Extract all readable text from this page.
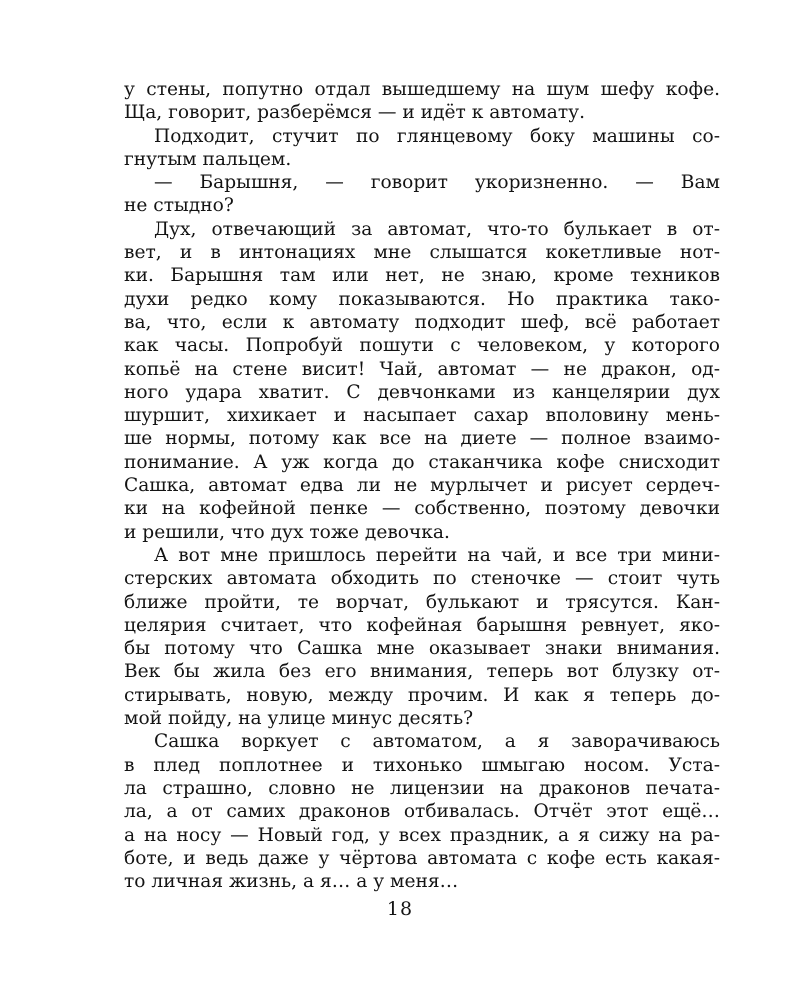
у стены, попутно отдал вышедшему на шум шефу кофе.
Ща, говорит, разберёмся — и идёт к автомату.
Подходит, стучит по глянцевому боку машины со-
гнутым пальцем.
— Барышня, — говорит укоризненно. — Вам
не стыдно?
Дух, отвечающий за автомат, что-то булькает в от-
вет, и в интонациях мне слышатся кокетливые нот-
ки. Барышня там или нет, не знаю, кроме техников
духи редко кому показываются. Но практика тако-
ва, что, если к автомату подходит шеф, всё работает
как часы. Попробуй пошути с человеком, у которого
копьё на стене висит! Чай, автомат — не дракон, од-
ного удара хватит. С девчонками из канцелярии дух
шуршит, хихикает и насыпает сахар вполовину мень-
ше нормы, потому как все на диете — полное взаимо-
понимание. А уж когда до стаканчика кофе снисходит
Сашка, автомат едва ли не мурлычет и рисует сердеч-
ки на кофейной пенке — собственно, поэтому девочки
и решили, что дух тоже девочка.
А вот мне пришлось перейти на чай, и все три мини-
стерских автомата обходить по стеночке — стоит чуть
ближе пройти, те ворчат, булькают и трясутся. Кан-
целярия считает, что кофейная барышня ревнует, яко-
бы потому что Сашка мне оказывает знаки внимания.
Век бы жила без его внимания, теперь вот блузку от-
стирывать, новую, между прочим. И как я теперь до-
мой пойду, на улице минус десять?
Сашка воркует с автоматом, а я заворачиваюсь
в плед поплотнее и тихонько шмыгаю носом. Уста-
ла страшно, словно не лицензии на драконов печата-
ла, а от самих драконов отбивалась. Отчёт этот ещё…
а на носу — Новый год, у всех праздник, а я сижу на ра-
боте, и ведь даже у чёртова автомата с кофе есть какая-
то личная жизнь, а я… а у меня…
18
